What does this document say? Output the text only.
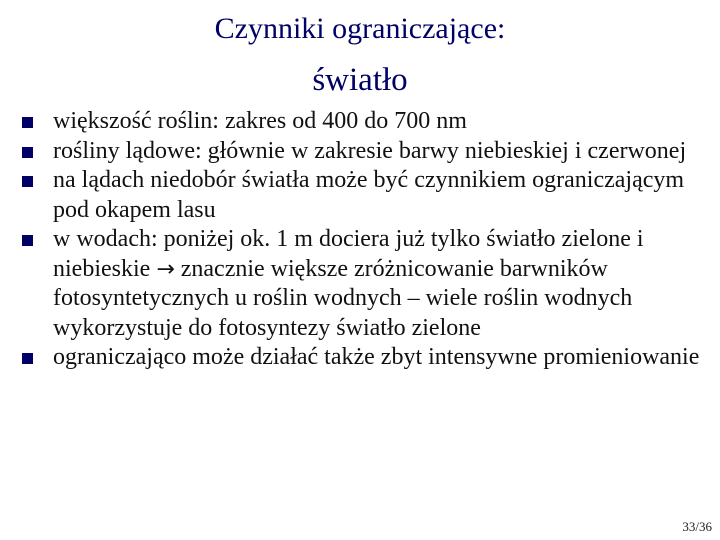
Czynniki ograniczające:
światło
większość roślin: zakres od 400 do 700 nm
rośliny lądowe: głównie w zakresie barwy niebieskiej i czerwonej
na lądach niedobór światła może być czynnikiem ograniczającym pod okapem lasu
w wodach: poniżej ok. 1 m dociera już tylko światło zielone i niebieskie → znacznie większe zróżnicowanie barwników fotosyntetycznych u roślin wodnych – wiele roślin wodnych wykorzystuje do fotosyntezy światło zielone
ograniczająco może działać także zbyt intensywne promieniowanie
33/36
